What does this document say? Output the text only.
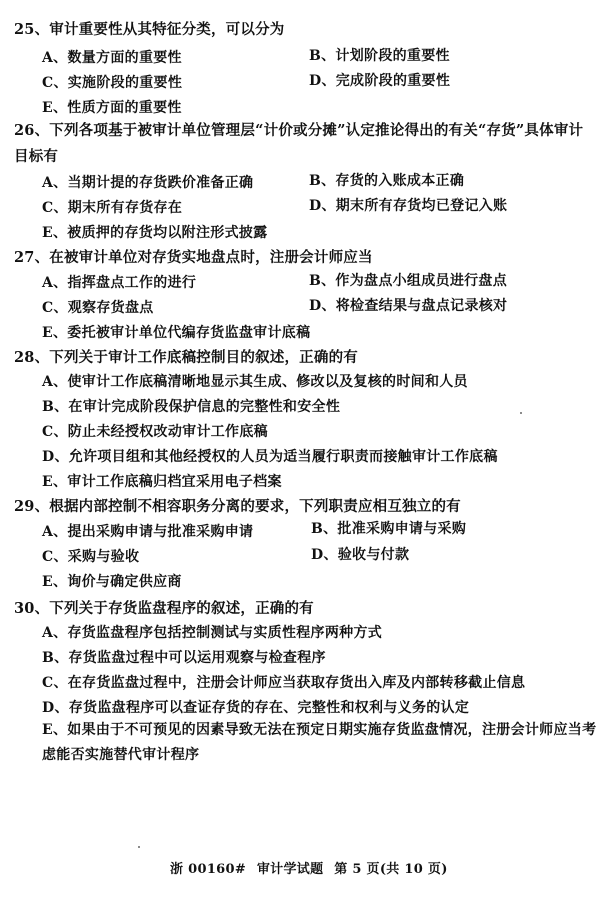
25、审计重要性从其特征分类，可以分为
A、数量方面的重要性	B、计划阶段的重要性
C、实施阶段的重要性	D、完成阶段的重要性
E、性质方面的重要性
26、下列各项基于被审计单位管理层“计价或分摊”认定推论得出的有关“存货”具体审计目标有
A、当期计提的存货跌价准备正确	B、存货的入账成本正确
C、期末所有存货存在	D、期末所有存货均已登记入账
E、被质押的存货均以附注形式披露
27、在被审计单位对存货实地盘点时，注册会计师应当
A、指挥盘点工作的进行	B、作为盘点小组成员进行盘点
C、观察存货盘点	D、将检查结果与盘点记录核对
E、委托被审计单位代编存货监盘审计底稿
28、下列关于审计工作底稿控制目的叙述，正确的有
A、使审计工作底稿清晰地显示其生成、修改以及复核的时间和人员
B、在审计完成阶段保护信息的完整性和安全性
C、防止未经授权改动审计工作底稿
D、允许项目组和其他经授权的人员为适当履行职责而接触审计工作底稿
E、审计工作底稿归档宜采用电子档案
29、根据内部控制不相容职务分离的要求，下列职责应相互独立的有
A、提出采购申请与批准采购申请	B、批准采购申请与采购
C、采购与验收	D、验收与付款
E、询价与确定供应商
30、下列关于存货监盘程序的叙述，正确的有
A、存货监盘程序包括控制测试与实质性程序两种方式
B、存货监盘过程中可以运用观察与检查程序
C、在存货监盘过程中，注册会计师应当获取存货出入库及内部转移截止信息
D、存货监盘程序可以查证存货的存在、完整性和权利与义务的认定
E、如果由于不可预见的因素导致无法在预定日期实施存货监盘情况，注册会计师应当考虑能否实施替代审计程序
浙 00160# 审计学试题 第 5 页(共 10 页)
